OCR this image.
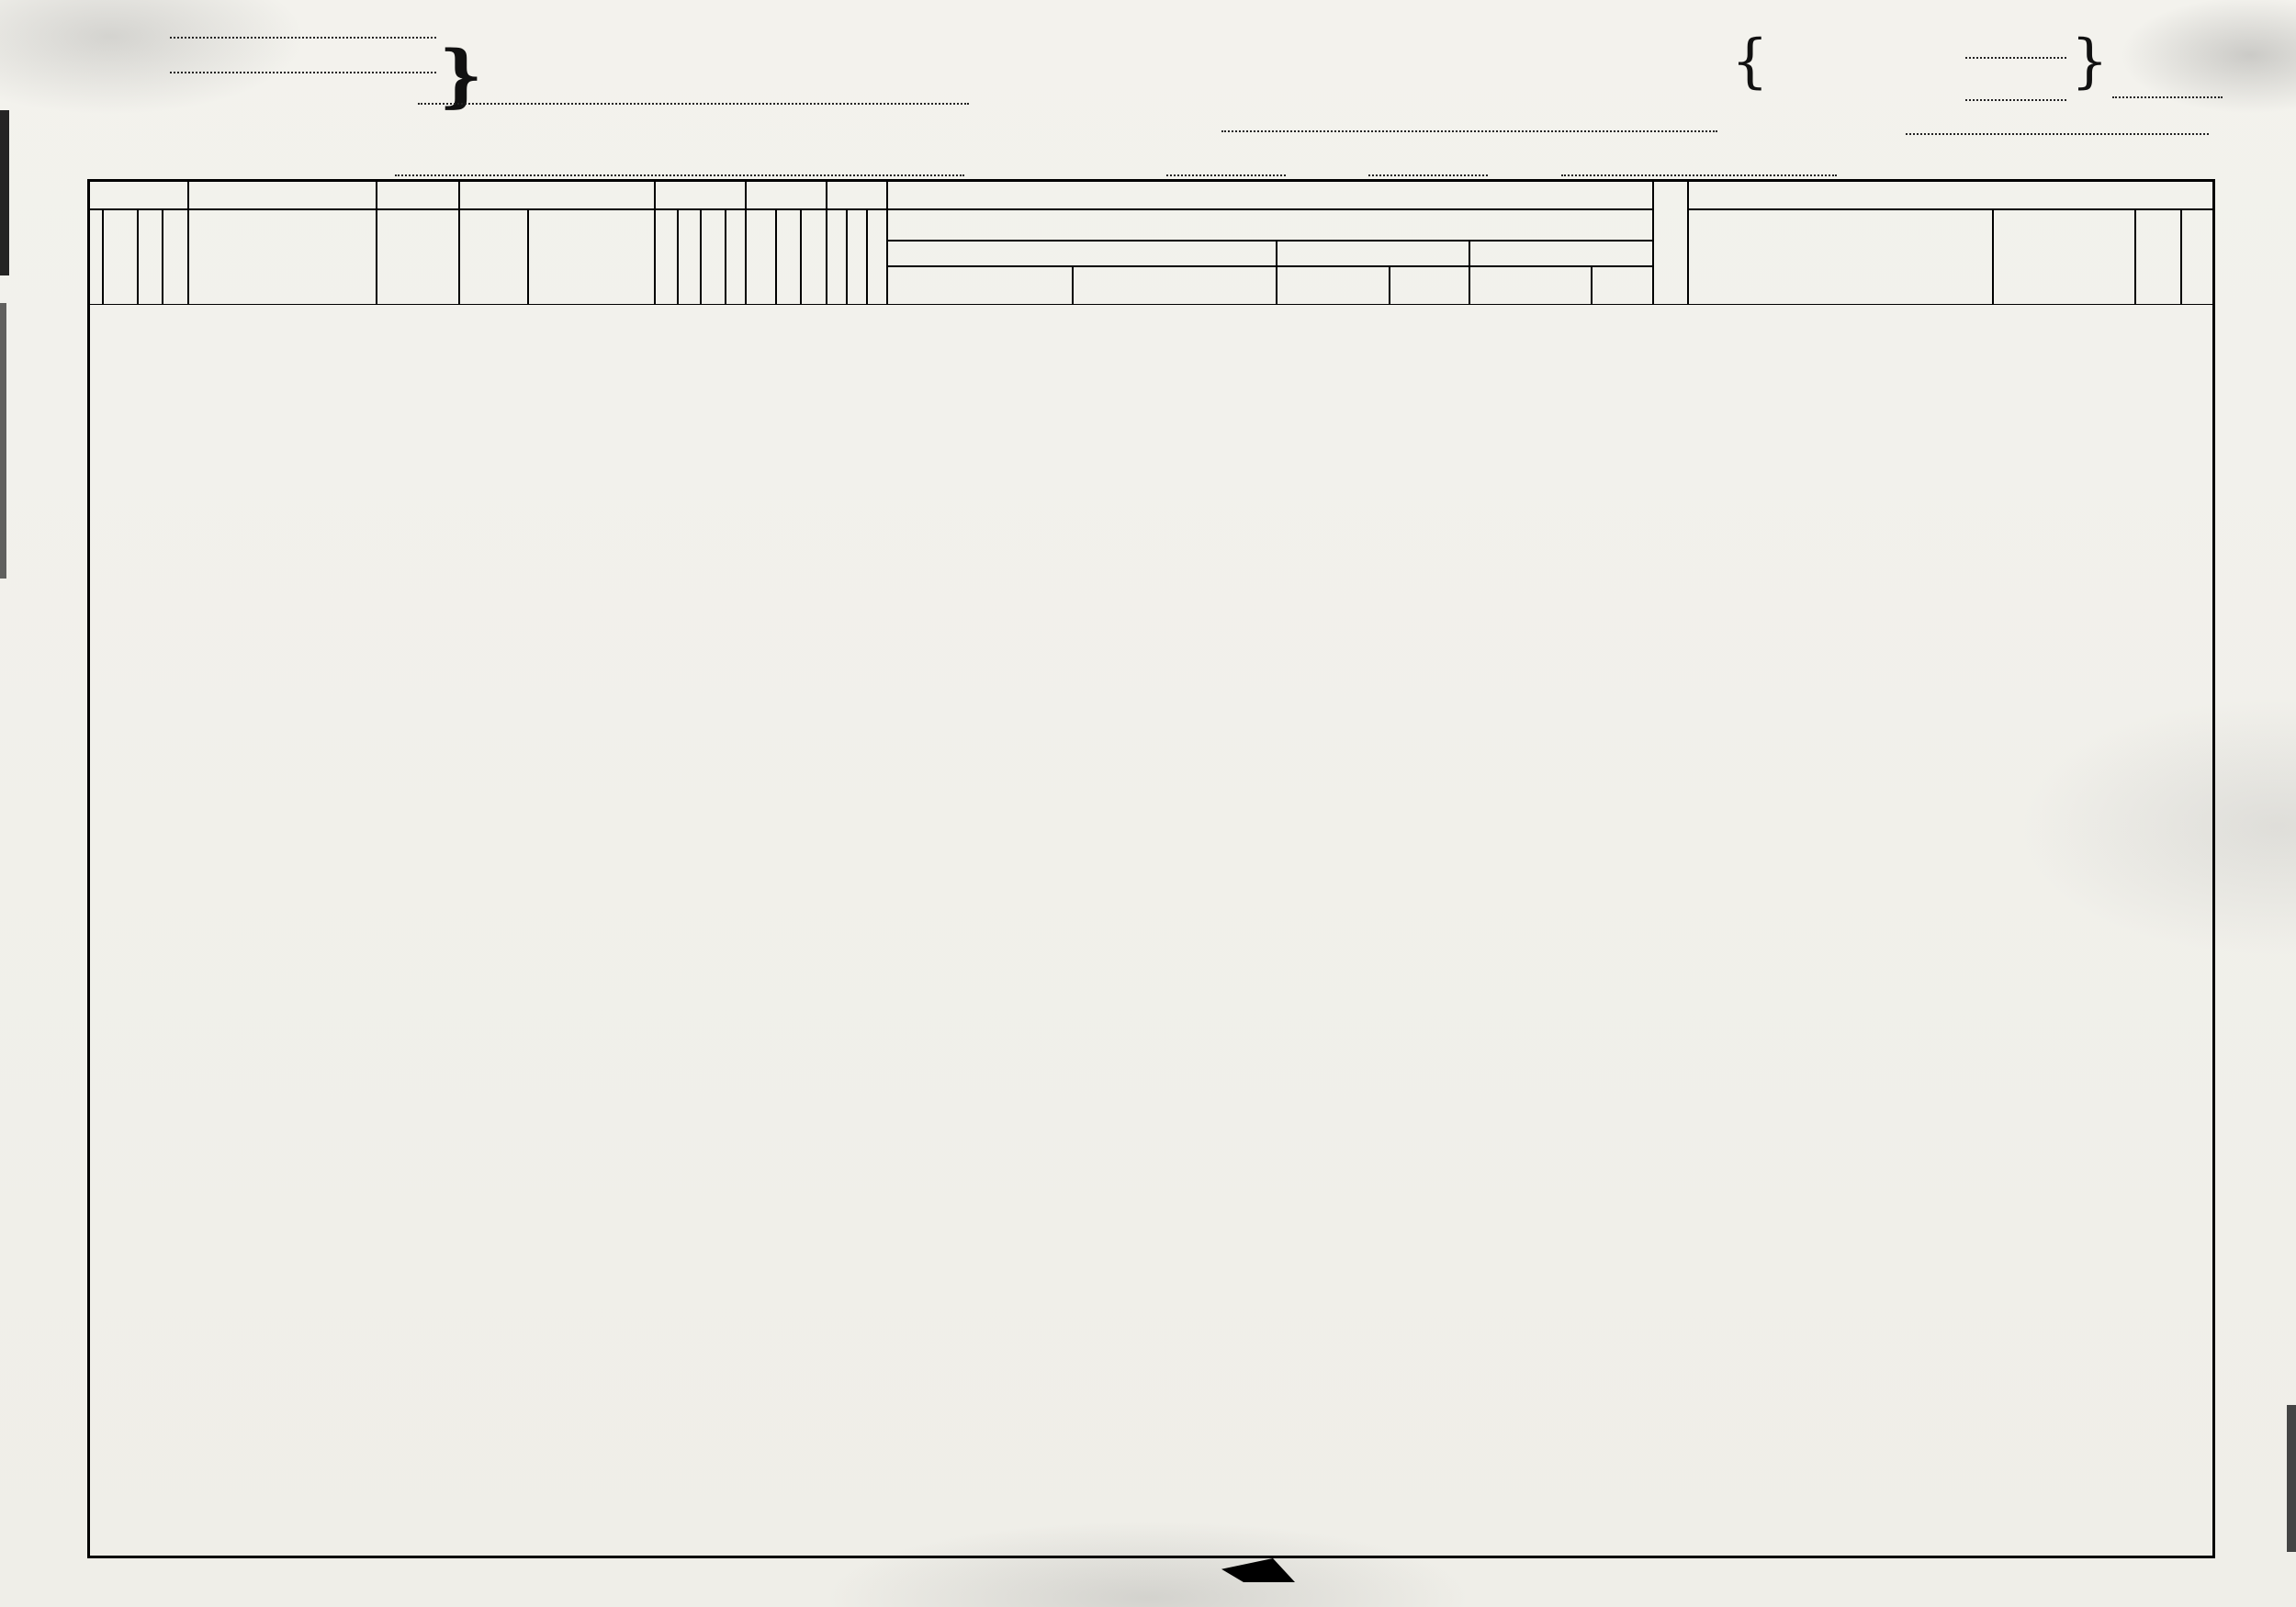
}	{	}
